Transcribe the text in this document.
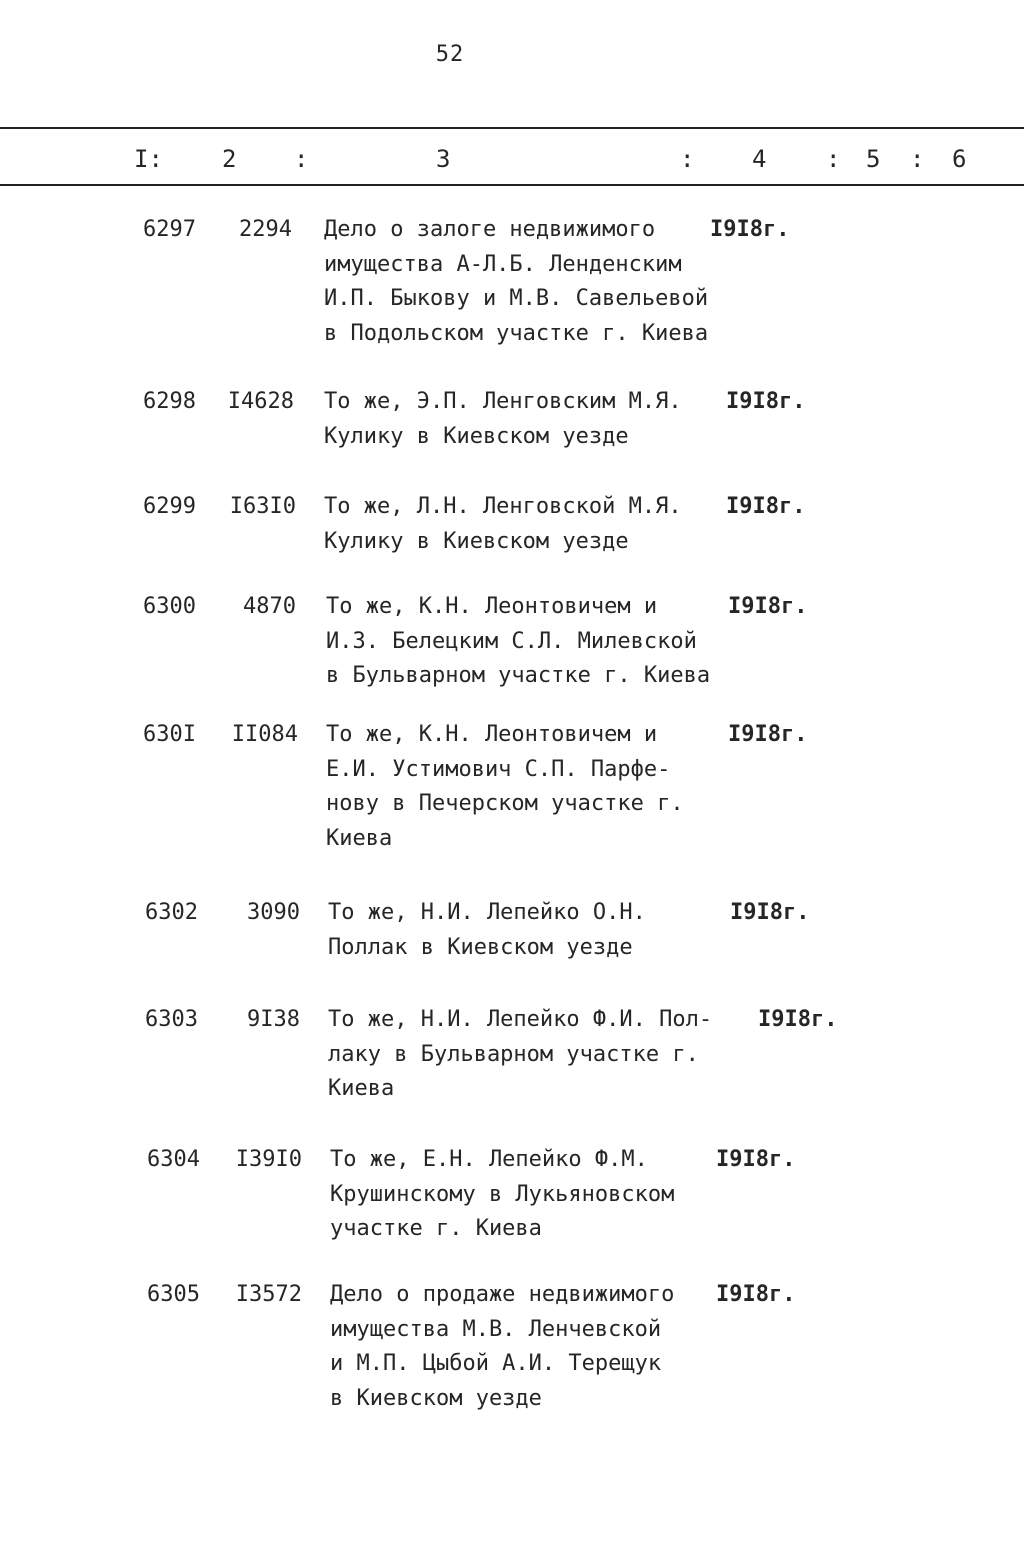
52
I: 2 :	3	: 4 : 5 : 6
6297	2294 Дело о залоге недвижимого
имущества А-Л.Б. Ленденским
И.П. Быкову и М.В. Савельевой
в Подольском участке г. Киева
I9I8г.
6298	I4628 То же, Э.П. Ленговским М.Я.
Кулику в Киевском уезде
I9I8г.
6299	I63I0 То же, Л.Н. Ленговской М.Я.
Кулику в Киевском уезде
I9I8г.
6300	4870 То же, К.Н. Леонтовичем и
И.З. Белецким С.Л. Милевской
в Бульварном участке г. Киева
I9I8г.
630I	II084 То же, К.Н. Леонтовичем и
Е.И. Устимович С.П. Парфе-
нову в Печерском участке г.
Киева
I9I8г.
6302	3090 То же, Н.И. Лепейко О.Н.
Поллак в Киевском уезде
I9I8г.
6303	9I38 То же, Н.И. Лепейко Ф.И. Пол-
лаку в Бульварном участке г.
Киева
I9I8г.
6304	I39I0 То же, Е.Н. Лепейко Ф.М.
Крушинскому в Лукьяновском
участке г. Киева
I9I8г.
6305	I3572 Дело о продаже недвижимого
имущества М.В. Ленчевской
и М.П. Цыбой А.И. Терещук
в Киевском уезде
I9I8г.
